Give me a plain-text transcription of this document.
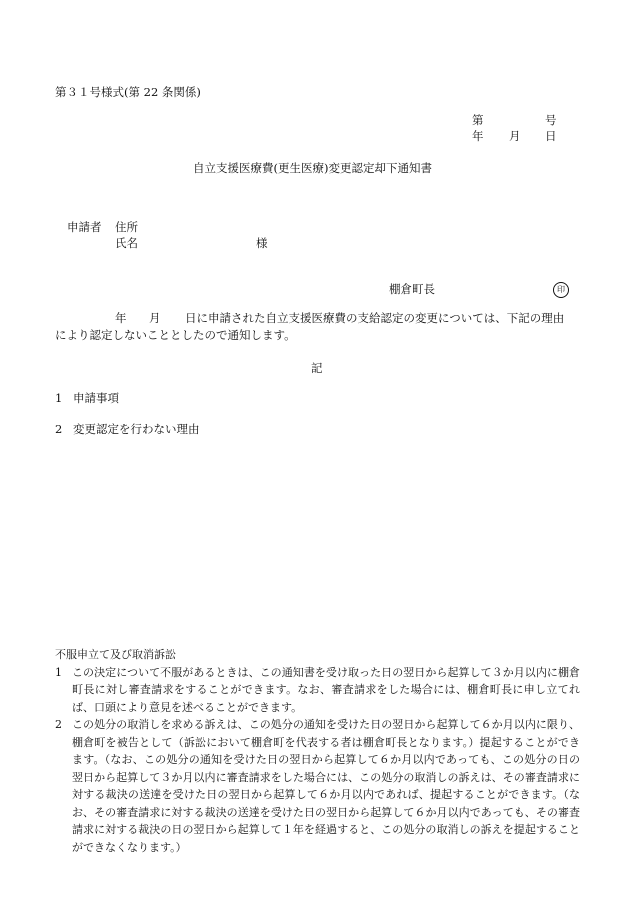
第３１号様式(第 22 条関係)
第	号
年 月 日
自立支援医療費(更生医療)変更認定却下通知書
申請者 住所
氏名	様
棚倉町長	印
年 月 日に申請された自立支援医療費の支給認定の変更については、下記の理由
により認定しないこととしたので通知します。
記
1 申請事項
2 変更認定を行わない理由
不服申立て及び取消訴訟
1 この決定について不服があるときは、この通知書を受け取った日の翌日から起算して３か月以内に棚倉町長に対し審査請求をすることができます。なお、審査請求をした場合には、棚倉町長に申し立てれば、口頭により意見を述べることができます。
2 この処分の取消しを求める訴えは、この処分の通知を受けた日の翌日から起算して６か月以内に限り、棚倉町を被告として（訴訟において棚倉町を代表する者は棚倉町長となります。）提起することができます。（なお、この処分の通知を受けた日の翌日から起算して６か月以内であっても、この処分の日の翌日から起算して３か月以内に審査請求をした場合には、この処分の取消しの訴えは、その審査請求に対する裁決の送達を受けた日の翌日から起算して６か月以内であれば、提起することができます。（なお、その審査請求に対する裁決の送達を受けた日の翌日から起算して６か月以内であっても、その審査請求に対する裁決の日の翌日から起算して１年を経過すると、この処分の取消しの訴えを提起することができなくなります。）
